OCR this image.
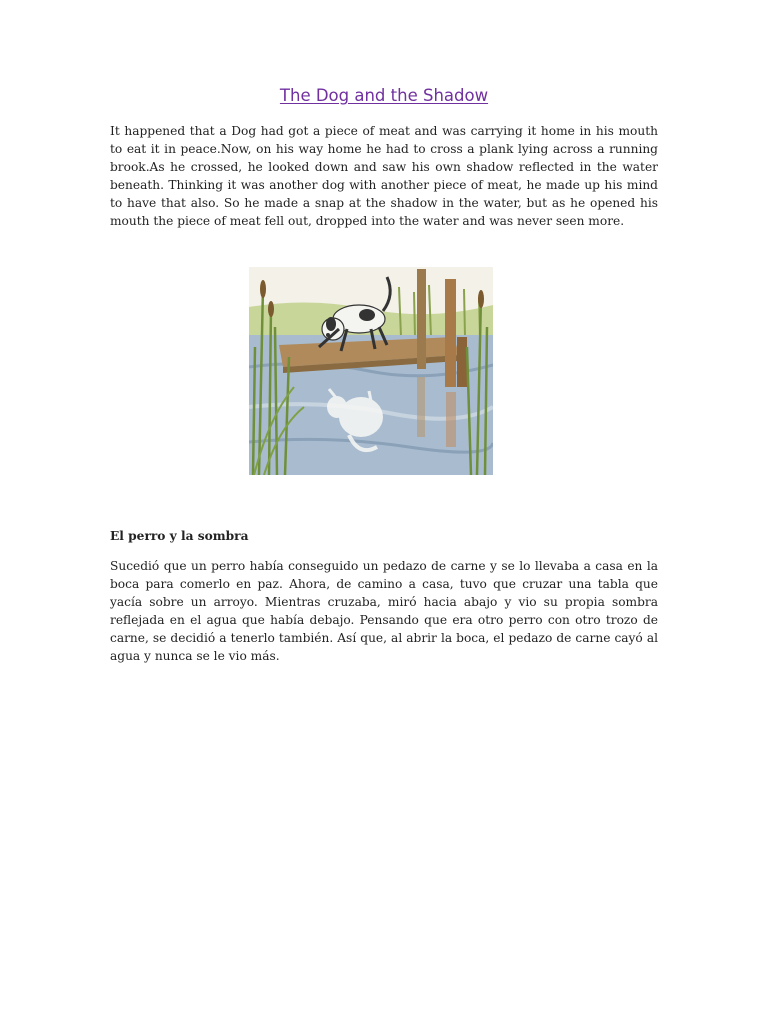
The Dog and the Shadow

It happened that a Dog had got a piece of meat and was carrying it home in his mouth to eat it in peace.Now, on his way home he had to cross a plank lying across a running brook.As he crossed, he looked down and saw his own shadow reflected in the water beneath. Thinking it was another dog with another piece of meat, he made up his mind to have that also. So he made a snap at the shadow in the water, but as he opened his mouth the piece of meat fell out, dropped into the water and was never seen more.

El perro y la sombra

Sucedió que un perro había conseguido un pedazo de carne y se lo llevaba a casa en la boca para comerlo en paz. Ahora, de camino a casa, tuvo que cruzar una tabla que yacía sobre un arroyo. Mientras cruzaba, miró hacia abajo y vio su propia sombra reflejada en el agua que había debajo. Pensando que era otro perro con otro trozo de carne, se decidió a tenerlo también. Así que, al abrir la boca, el pedazo de carne cayó al agua y nunca se le vio más.
